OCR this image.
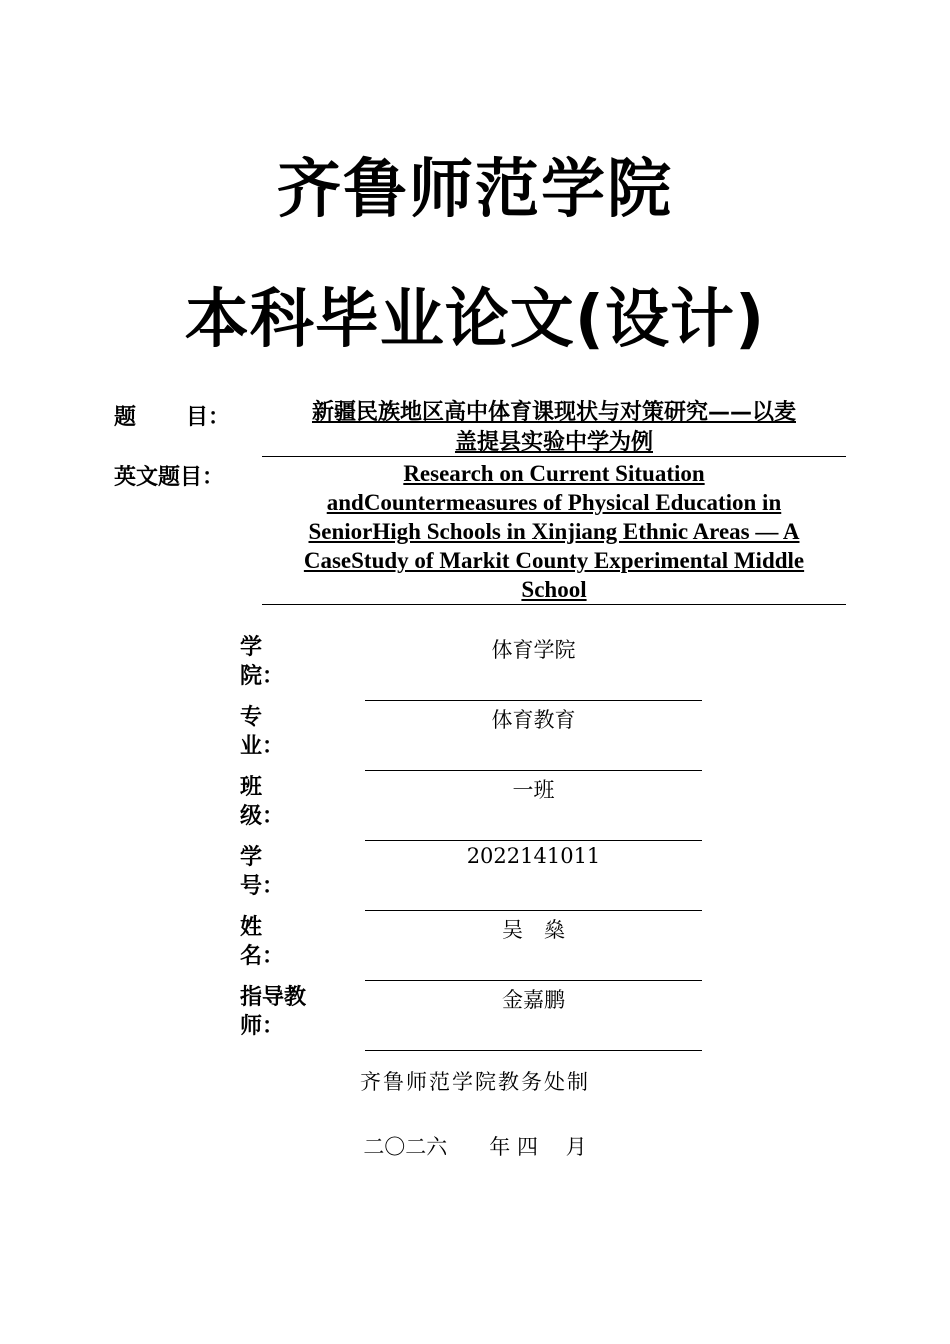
齐鲁师范学院
本科毕业论文(设计)
题 目：	新疆民族地区高中体育课现状与对策研究——以麦
盖提县实验中学为例
英文题目：	Research on Current Situation
andCountermeasures of Physical Education in
SeniorHigh Schools in Xinjiang Ethnic Areas — A
CaseStudy of Markit County Experimental Middle
School
学
院：
体育学院
专
业：
体育教育
班
级：
一班
学
号：
2022141011
姓
名：
吴　燊
指导教
师：
金嘉鹏
齐鲁师范学院教务处制
二〇二六　　年 四　 月
